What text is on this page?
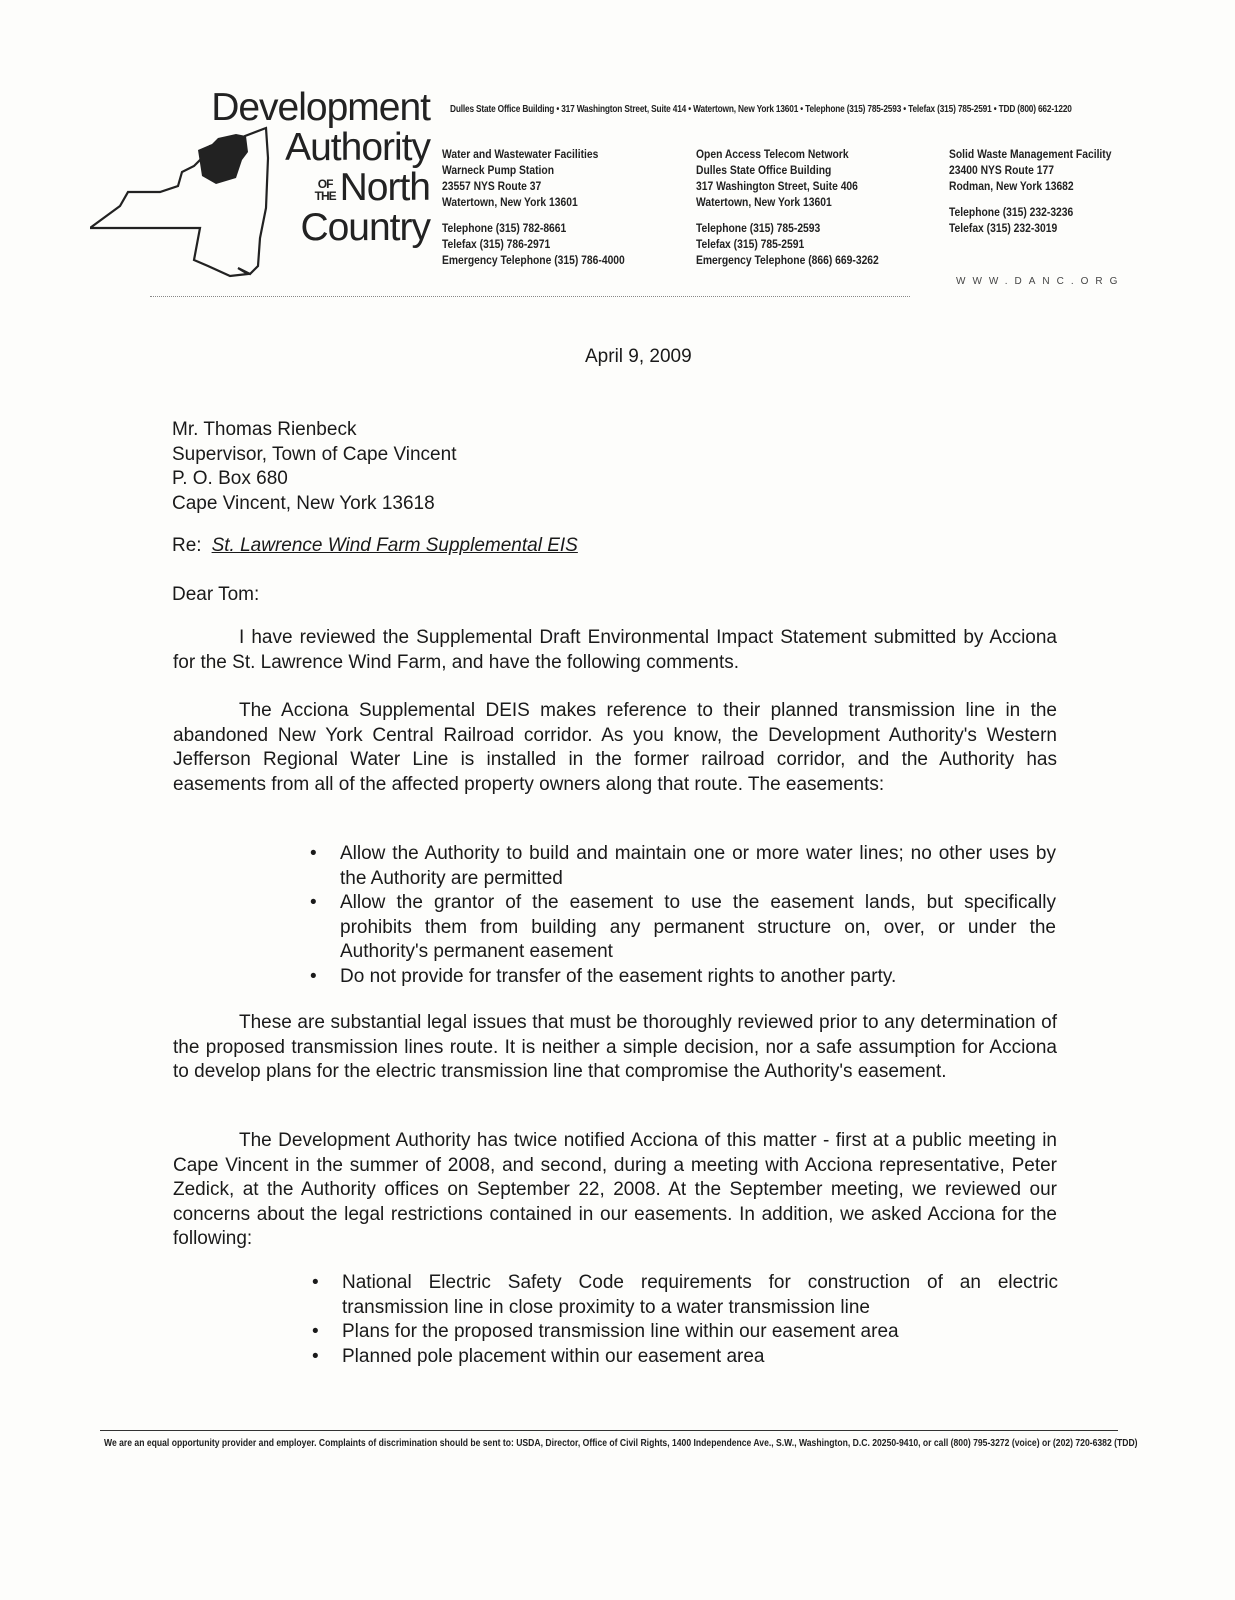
Development
Authority
OF
THE North
Country
Dulles State Office Building • 317 Washington Street, Suite 414 • Watertown, New York 13601 • Telephone (315) 785-2593 • Telefax (315) 785-2591 • TDD (800) 662-1220
Water and Wastewater Facilities
Warneck Pump Station
23557 NYS Route 37
Watertown, New York 13601
Telephone (315) 782-8661
Telefax (315) 786-2971
Emergency Telephone (315) 786-4000
Open Access Telecom Network
Dulles State Office Building
317 Washington Street, Suite 406
Watertown, New York 13601
Telephone (315) 785-2593
Telefax (315) 785-2591
Emergency Telephone (866) 669-3262
Solid Waste Management Facility
23400 NYS Route 177
Rodman, New York 13682
Telephone (315) 232-3236
Telefax (315) 232-3019
WWW.DANC.ORG
April 9, 2009
Mr. Thomas Rienbeck
Supervisor, Town of Cape Vincent
P. O. Box 680
Cape Vincent, New York 13618
Re: St. Lawrence Wind Farm Supplemental EIS
Dear Tom:
I have reviewed the Supplemental Draft Environmental Impact Statement submitted by Acciona for the St. Lawrence Wind Farm, and have the following comments.
The Acciona Supplemental DEIS makes reference to their planned transmission line in the abandoned New York Central Railroad corridor. As you know, the Development Authority's Western Jefferson Regional Water Line is installed in the former railroad corridor, and the Authority has easements from all of the affected property owners along that route. The easements:
• Allow the Authority to build and maintain one or more water lines; no other uses by the Authority are permitted
• Allow the grantor of the easement to use the easement lands, but specifically prohibits them from building any permanent structure on, over, or under the Authority's permanent easement
• Do not provide for transfer of the easement rights to another party.
These are substantial legal issues that must be thoroughly reviewed prior to any determination of the proposed transmission lines route. It is neither a simple decision, nor a safe assumption for Acciona to develop plans for the electric transmission line that compromise the Authority's easement.
The Development Authority has twice notified Acciona of this matter - first at a public meeting in Cape Vincent in the summer of 2008, and second, during a meeting with Acciona representative, Peter Zedick, at the Authority offices on September 22, 2008. At the September meeting, we reviewed our concerns about the legal restrictions contained in our easements. In addition, we asked Acciona for the following:
• National Electric Safety Code requirements for construction of an electric transmission line in close proximity to a water transmission line
• Plans for the proposed transmission line within our easement area
• Planned pole placement within our easement area
We are an equal opportunity provider and employer. Complaints of discrimination should be sent to: USDA, Director, Office of Civil Rights, 1400 Independence Ave., S.W., Washington, D.C. 20250-9410, or call (800) 795-3272 (voice) or (202) 720-6382 (TDD)
